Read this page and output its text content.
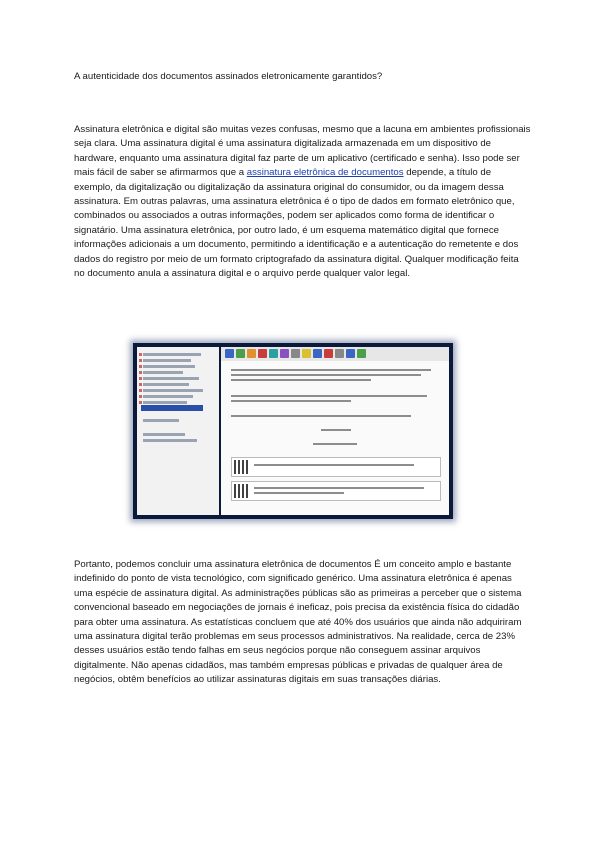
A autenticidade dos documentos assinados eletronicamente garantidos?

Assinatura eletrônica e digital são muitas vezes confusas, mesmo que a lacuna em ambientes profissionais seja clara. Uma assinatura digital é uma assinatura digitalizada armazenada em um dispositivo de hardware, enquanto uma assinatura digital faz parte de um aplicativo (certificado e senha). Isso pode ser mais fácil de saber se afirmarmos que a assinatura eletrônica de documentos depende, a título de exemplo, da digitalização ou digitalização da assinatura original do consumidor, ou da imagem dessa assinatura. Em outras palavras, uma assinatura eletrônica é o tipo de dados em formato eletrônico que, combinados ou associados a outras informações, podem ser aplicados como forma de identificar o signatário. Uma assinatura eletrônica, por outro lado, é um esquema matemático digital que fornece informações adicionais a um documento, permitindo a identificação e a autenticação do remetente e dos dados do registro por meio de um formato criptografado da assinatura digital. Qualquer modificação feita no documento anula a assinatura digital e o arquivo perde qualquer valor legal.

Portanto, podemos concluir uma assinatura eletrônica de documentos É um conceito amplo e bastante indefinido do ponto de vista tecnológico, com significado genérico. Uma assinatura eletrônica é apenas uma espécie de assinatura digital. As administrações públicas são as primeiras a perceber que o sistema convencional baseado em negociações de jornais é ineficaz, pois precisa da existência física do cidadão para obter uma assinatura. As estatísticas concluem que até 40% dos usuários que ainda não adquiriram uma assinatura digital terão problemas em seus processos administrativos. Na realidade, cerca de 23% desses usuários estão tendo falhas em seus negócios porque não conseguem assinar arquivos digitalmente. Não apenas cidadãos, mas também empresas públicas e privadas de qualquer área de negócios, obtêm benefícios ao utilizar assinaturas digitais em suas transações diárias.
